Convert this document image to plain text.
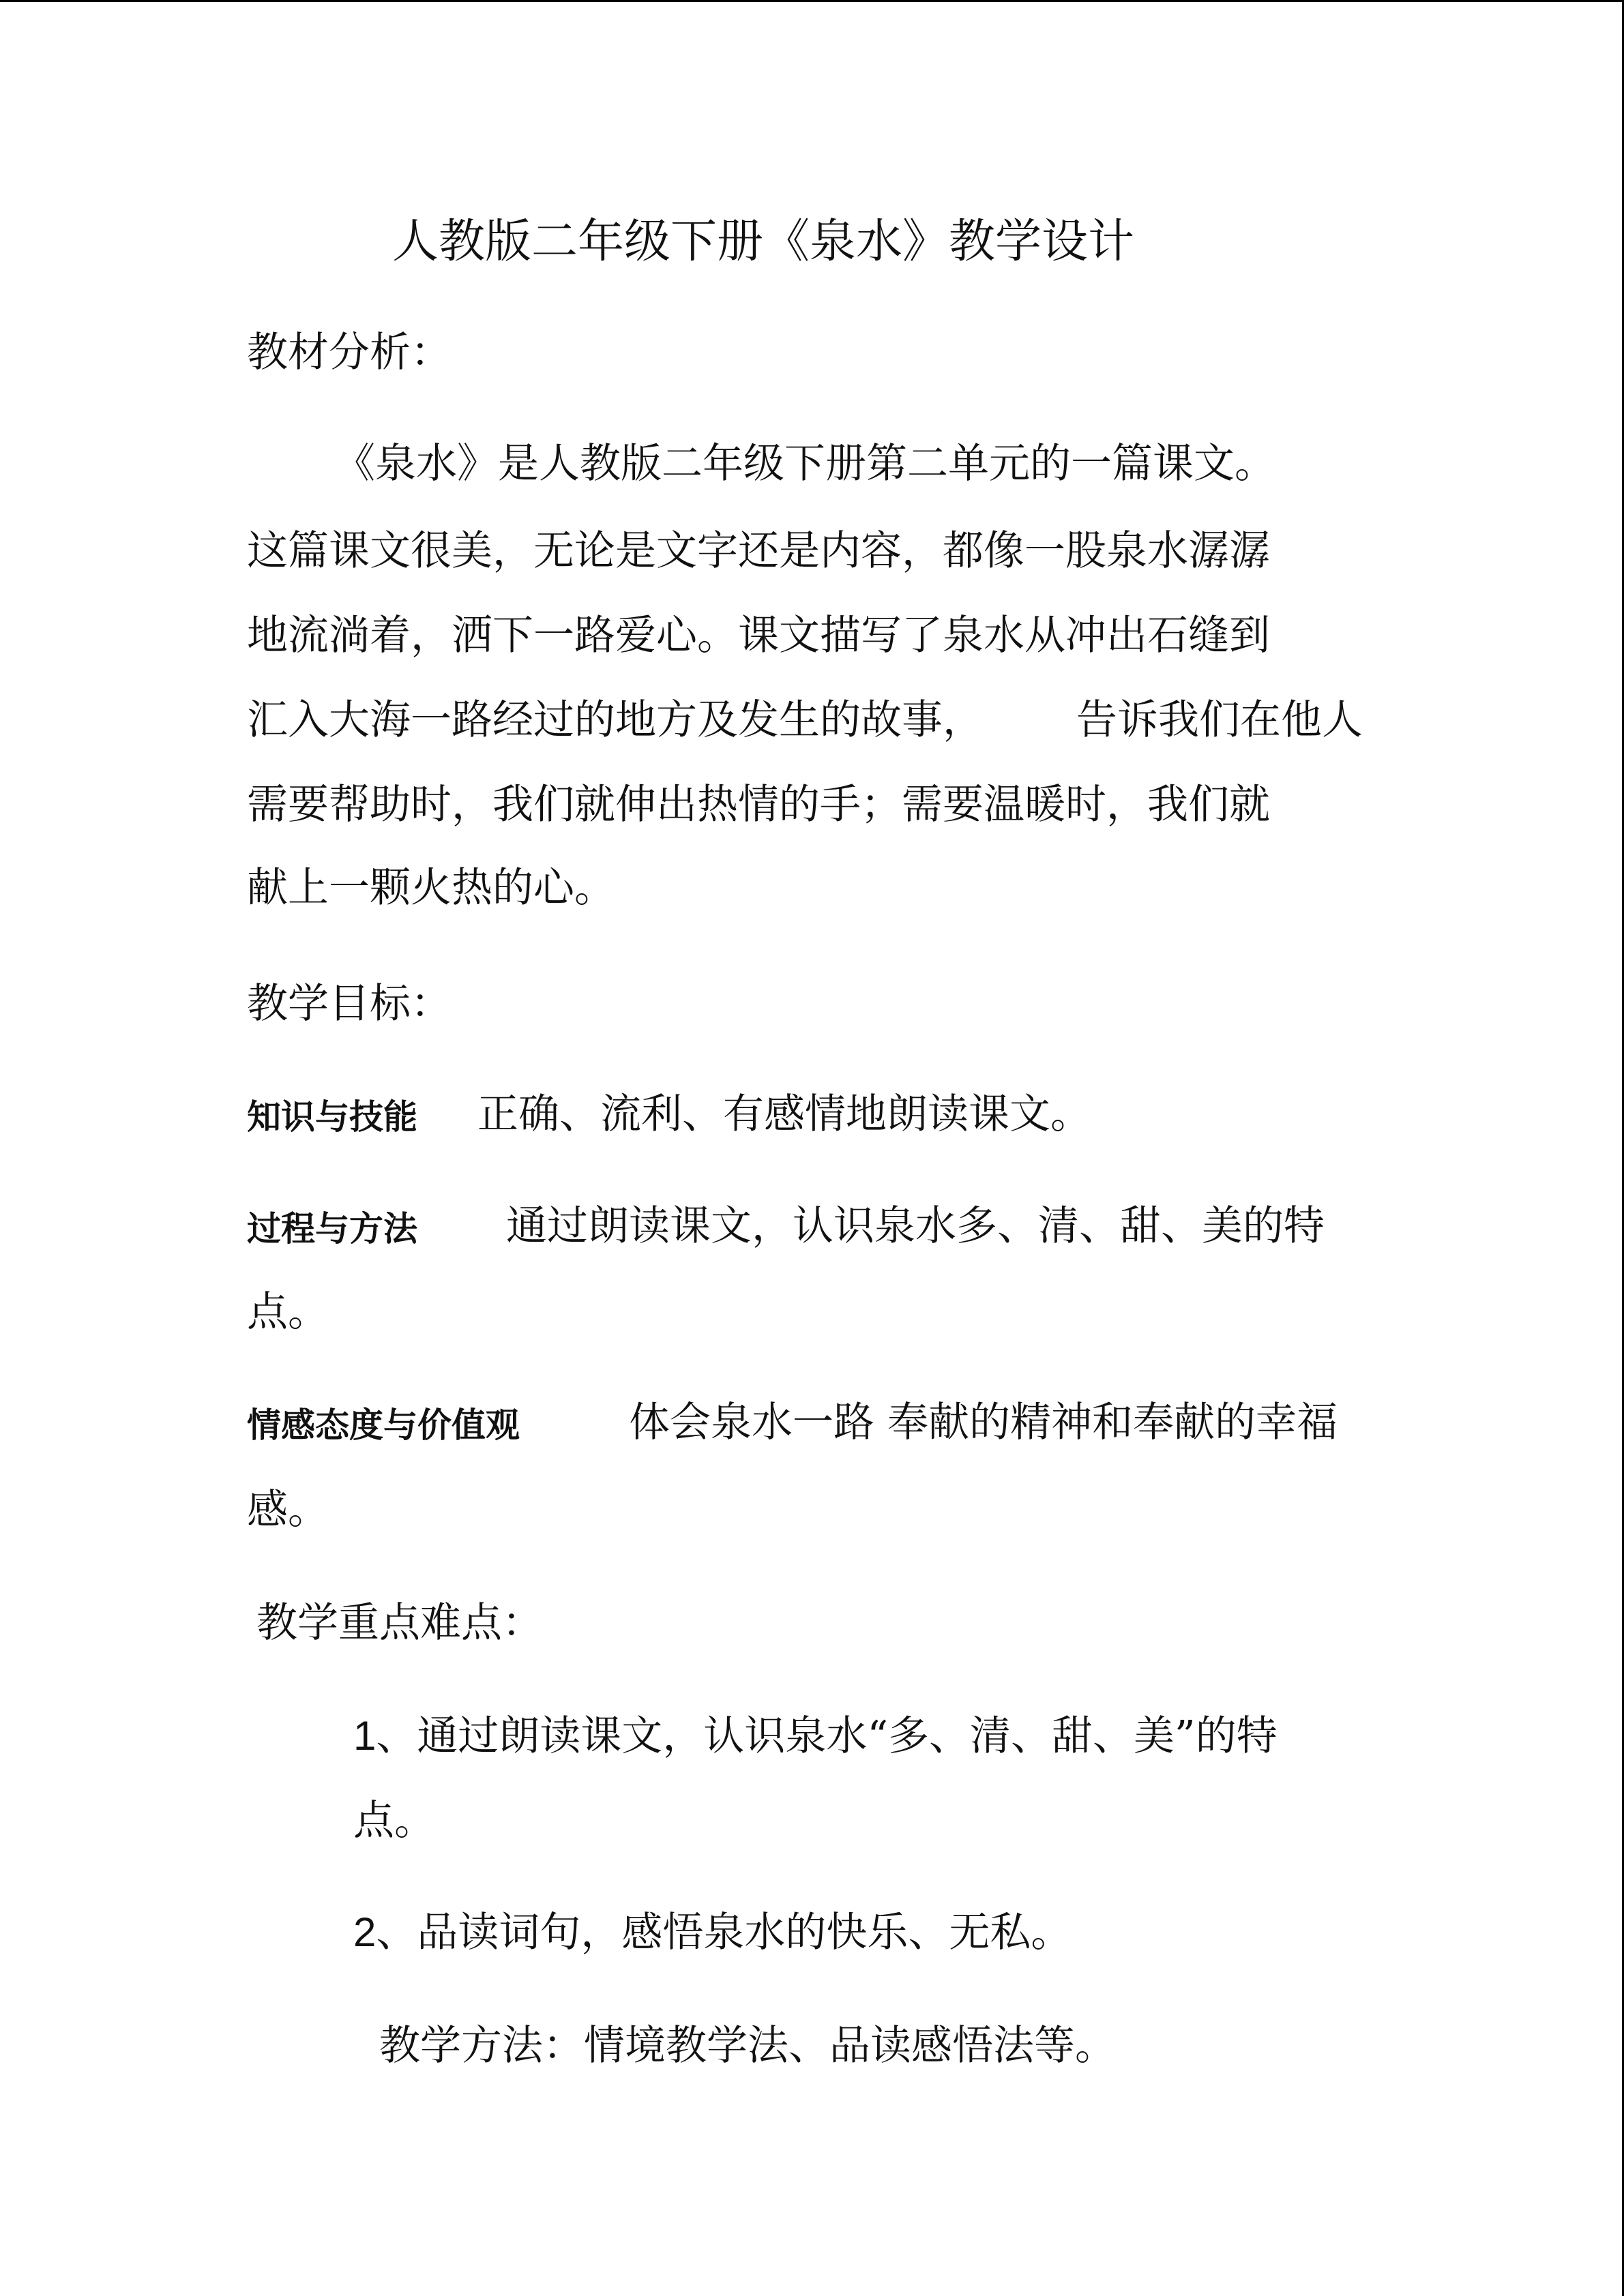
人教版二年级下册《泉水》教学设计
教材分析：
《泉水》是人教版二年级下册第二单元的一篇课文。
这篇课文很美，无论是文字还是内容，都像一股泉水潺潺
地流淌着，洒下一路爱心。课文描写了泉水从冲出石缝到
汇入大海一路经过的地方及发生的故事， 告诉我们在他人
需要帮助时，我们就伸出热情的手；需要温暖时，我们就
献上一颗火热的心。
教学目标：
知识与技能 正确、流利、有感情地朗读课文。
过程与方法 通过朗读课文，认识泉水多、清、甜、美的特
点。
情感态度与价值观	体会泉水一路 奉献的精神和奉献的幸福
感。
教学重点难点：
1、通过朗读课文，认识泉水“多、清、甜、美”的特
点。
2、品读词句，感悟泉水的快乐、无私。
教学方法：情境教学法、品读感悟法等。
